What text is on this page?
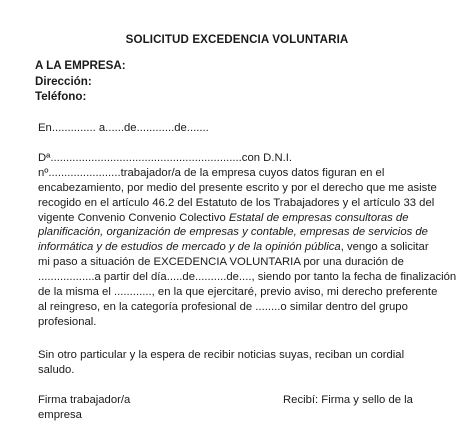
SOLICITUD EXCEDENCIA VOLUNTARIA
A LA EMPRESA:
Dirección:
Teléfono:
En.............. a......de............de.......
Dª.............................................................con D.N.I.
nº.......................trabajador/a de la empresa cuyos datos figuran en el
encabezamiento, por medio del presente escrito y por el derecho que me asiste
recogido en el artículo 46.2 del Estatuto de los Trabajadores y el artículo 33 del
vigente Convenio Convenio Colectivo Estatal de empresas consultoras de
planificación, organización de empresas y contable, empresas de servicios de
informática y de estudios de mercado y de la opinión pública, vengo a solicitar
mi paso a situación de EXCEDENCIA VOLUNTARIA por una duración de
..................a partir del día.....de..........de...., siendo por tanto la fecha de finalización
de la misma el ............, en la que ejercitaré, previo aviso, mi derecho preferente
al reingreso, en la categoría profesional de ........o similar dentro del grupo
profesional.
Sin otro particular y la espera de recibir noticias suyas, reciban un cordial
saludo.
Firma trabajador/a
empresa
Recibí: Firma y sello de la
